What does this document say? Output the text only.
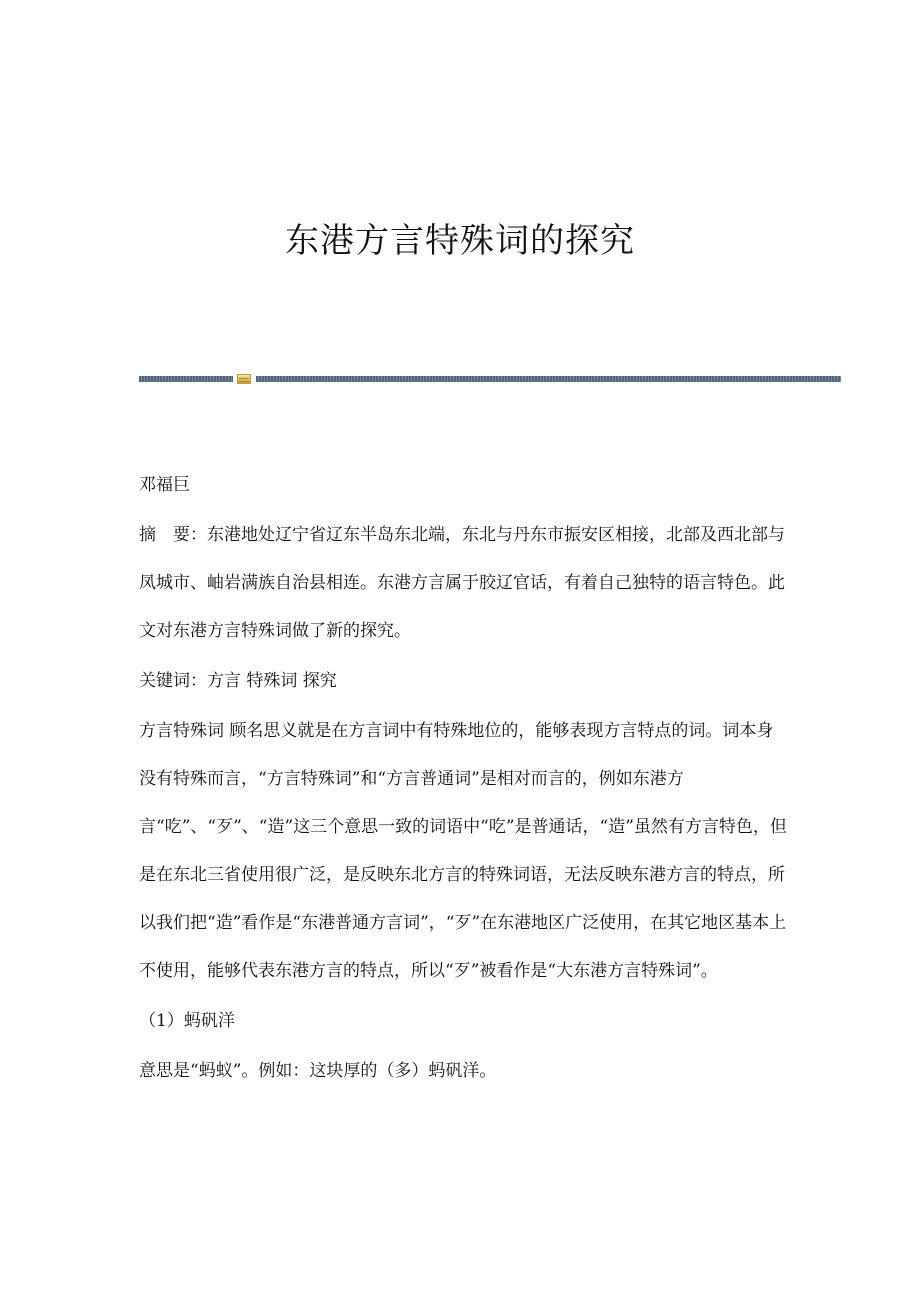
东港方言特殊词的探究

邓福巨

摘　要：东港地处辽宁省辽东半岛东北端，东北与丹东市振安区相接，北部及西北部与凤城市、岫岩满族自治县相连。东港方言属于胶辽官话，有着自己独特的语言特色。此文对东港方言特殊词做了新的探究。

关键词：方言 特殊词 探究

方言特殊词 顾名思义就是在方言词中有特殊地位的，能够表现方言特点的词。词本身没有特殊而言，“方言特殊词”和“方言普通词”是相对而言的，例如东港方言“吃”、“歹”、“造”这三个意思一致的词语中“吃”是普通话，“造”虽然有方言特色，但是在东北三省使用很广泛，是反映东北方言的特殊词语，无法反映东港方言的特点，所以我们把“造”看作是“东港普通方言词”，“歹”在东港地区广泛使用，在其它地区基本上不使用，能够代表东港方言的特点，所以“歹”被看作是“大东港方言特殊词”。

（1）蚂矾洋

意思是“蚂蚁”。例如：这块厚的（多）蚂矾洋。
